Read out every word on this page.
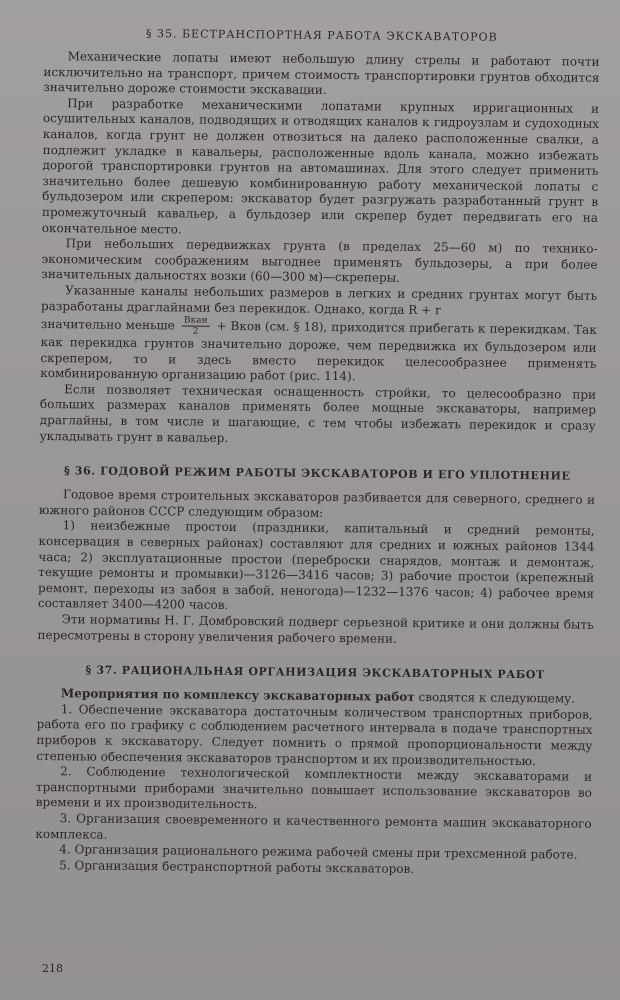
§ 35. БЕСТРАНСПОРТНАЯ РАБОТА ЭКСКАВАТОРОВ

Механические лопаты имеют небольшую длину стрелы и работают почти исключительно на транспорт, причем стоимость транспортировки грунтов обходится значительно дороже стоимости экскавации.

При разработке механическими лопатами крупных ирригационных и осушительных каналов, подводящих и отводящих каналов к гидроузлам и судоходных каналов, когда грунт не должен отвозиться на далеко расположенные свалки, а подлежит укладке в кавальеры, расположенные вдоль канала, можно избежать дорогой транспортировки грунтов на автомашинах. Для этого следует применить значительно более дешевую комбинированную работу механической лопаты с бульдозером или скрепером: экскаватор будет разгружать разработанный грунт в промежуточный кавальер, а бульдозер или скрепер будет передвигать его на окончательное место.

При небольших передвижках грунта (в пределах 25—60 м) по технико-экономическим соображениям выгоднее применять бульдозеры, а при более значительных дальностях возки (60—300 м)—скреперы.

Указанные каналы небольших размеров в легких и средних грунтах могут быть разработаны драглайнами без перекидок. Однако, когда R + r

значительно меньше $\frac{\text{Bкан}}{2}$ + Bков (см. § 18), приходится прибегать к перекидкам. Так как перекидка грунтов значительно дороже, чем передвижка их бульдозером или скрепером, то и здесь вместо перекидок целесообразнее применять комбинированную организацию работ (рис. 114).

Если позволяет техническая оснащенность стройки, то целесообразно при больших размерах каналов применять более мощные экскаваторы, например драглайны, в том числе и шагающие, с тем чтобы избежать перекидок и сразу укладывать грунт в кавальер.

§ 36. ГОДОВОЙ РЕЖИМ РАБОТЫ ЭКСКАВАТОРОВ И ЕГО УПЛОТНЕНИЕ

Годовое время строительных экскаваторов разбивается для северного, среднего и южного районов СССР следующим образом:

1) неизбежные простои (праздники, капитальный и средний ремонты, консервация в северных районах) составляют для средних и южных районов 1344 часа; 2) эксплуатационные простои (переброски снарядов, монтаж и демонтаж, текущие ремонты и промывки)—3126—3416 часов; 3) рабочие простои (крепежный ремонт, переходы из забоя в забой, неногода)—1232—1376 часов; 4) рабочее время составляет 3400—4200 часов.

Эти нормативы Н. Г. Домбровский подверг серьезной критике и они должны быть пересмотрены в сторону увеличения рабочего времени.

§ 37. РАЦИОНАЛЬНАЯ ОРГАНИЗАЦИЯ ЭКСКАВАТОРНЫХ РАБОТ

Мероприятия по комплексу экскаваторных работ сводятся к следующему.

1. Обеспечение экскаватора достаточным количеством транспортных приборов, работа его по графику с соблюдением расчетного интервала в подаче транспортных приборов к экскаватору. Следует помнить о прямой пропорциональности между степенью обеспечения экскаваторов транспортом и их производительностью.

2. Соблюдение технологической комплектности между экскаваторами и транспортными приборами значительно повышает использование экскаваторов во времени и их производительность.

3. Организация своевременного и качественного ремонта машин экскаваторного комплекса.

4. Организация рационального режима рабочей смены при трехсменной работе.

5. Организация бестранспортной работы экскаваторов.

218
